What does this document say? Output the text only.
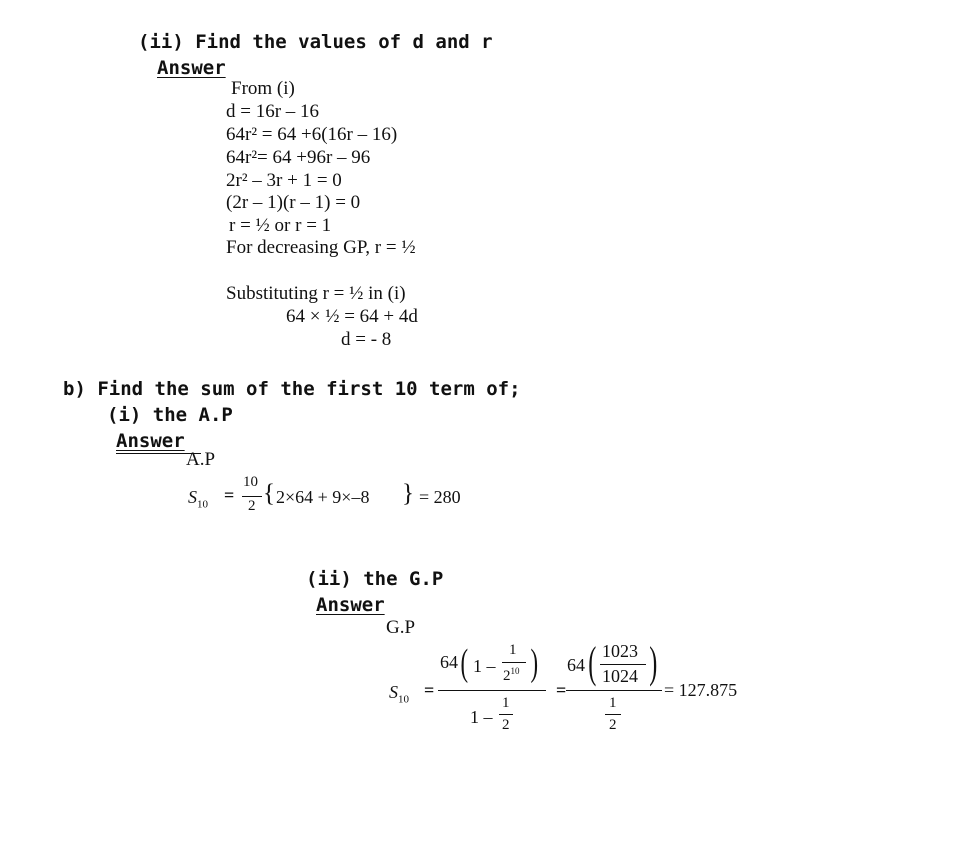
(ii) Find the values of d and r
Answer
From (i)
d = 16r – 16
64r² = 64 +6(16r – 16)
64r²= 64 +96r – 96
2r² – 3r + 1 = 0
(2r – 1)(r – 1) = 0
r = ½ or r = 1
For decreasing GP, r = ½
Substituting r = ½ in (i)
64 × ½ = 64 + 4d
d = - 8
b) Find the sum of the first 10 term of;
(i) the A.P
Answer
A.P
$S_{10}$ =
10
2 { 2×64 + 9×–8 } = 280
(ii) the G.P
Answer
G.P
$S_{10}$ =
64 ( 1 –
1
$2^{10}$ )
1 –
1
2
=
64 ( 1023
1024 )
1
2
= 127.875
